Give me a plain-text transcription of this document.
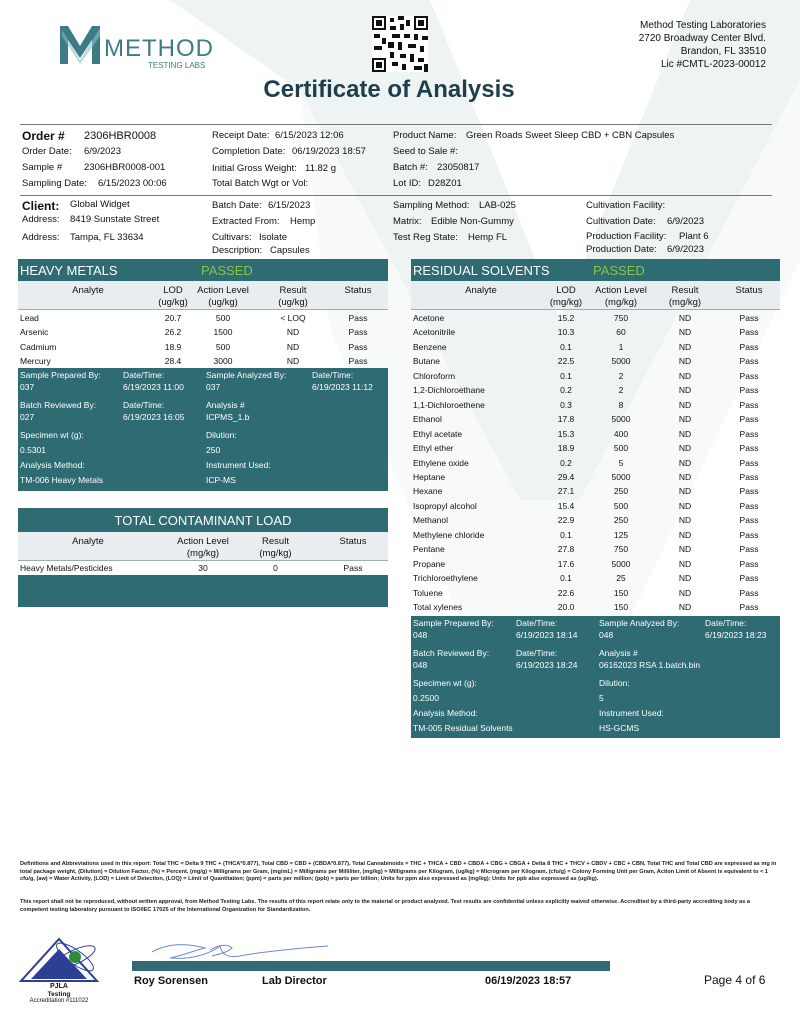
METHOD
TESTING LABS
Method Testing Laboratories
2720 Broadway Center Blvd.
Brandon, FL 33510
Lic #CMTL-2023-00012
Certificate of Analysis
Order # 2306HBR0008
Order Date: 6/9/2023
Sample # 2306HBR0008-001
Sampling Date: 6/15/2023 00:06
Receipt Date: 6/15/2023 12:06
Completion Date: 06/19/2023 18:57
Initial Gross Weight: 11.82 g
Total Batch Wgt or Vol:
Product Name: Green Roads Sweet Sleep CBD + CBN Capsules
Seed to Sale #:
Batch #: 23050817
Lot ID: D28Z01
Client: Global Widget
Address: 8419 Sunstate Street
Address: Tampa, FL 33634
Batch Date: 6/15/2023
Extracted From: Hemp
Cultivars: Isolate
Description: Capsules
Sampling Method: LAB-025
Matrix: Edible Non-Gummy
Test Reg State: Hemp FL
Cultivation Facility:
Cultivation Date: 6/9/2023
Production Facility: Plant 6
Production Date: 6/9/2023
HEAVY METALS	PASSED
Analyte	LOD
(ug/kg)
Action Level
(ug/kg)
Result
(ug/kg)
Status
Lead	20.7	500	< LOQ	Pass
Arsenic	26.2	1500	ND	Pass
Cadmium	18.9	500	ND	Pass
Mercury	28.4	3000	ND	Pass
Sample Prepared By:	Date/Time:	Sample Analyzed By:	Date/Time:
037	6/19/2023 11:00	037	6/19/2023 11:12
Batch Reviewed By:	Date/Time:	Analysis #
027	6/19/2023 16:05	ICPMS_1.b
Specimen wt (g):	Dilution:
0.5301	250
Analysis Method:	Instrument Used:
TM-006 Heavy Metals	ICP-MS
TOTAL CONTAMINANT LOAD
Analyte	Action Level
(mg/kg)
Result
(mg/kg)
Status
Heavy Metals/Pesticides	30	0	Pass
RESIDUAL SOLVENTS	PASSED
Analyte	LOD
(mg/kg)
Action Level
(mg/kg)
Result
(mg/kg)
Status
Acetone	15.2	750	ND	Pass
Acetonitrile	10.3	60	ND	Pass
Benzene	0.1	1	ND	Pass
Butane	22.5	5000	ND	Pass
Chloroform	0.1	2	ND	Pass
1,2-Dichloroethane	0.2	2	ND	Pass
1,1-Dichloroethene	0.3	8	ND	Pass
Ethanol	17.8	5000	ND	Pass
Ethyl acetate	15.3	400	ND	Pass
Ethyl ether	18.9	500	ND	Pass
Ethylene oxide	0.2	5	ND	Pass
Heptane	29.4	5000	ND	Pass
Hexane	27.1	250	ND	Pass
Isopropyl alcohol	15.4	500	ND	Pass
Methanol	22.9	250	ND	Pass
Methylene chloride	0.1	125	ND	Pass
Pentane	27.8	750	ND	Pass
Propane	17.6	5000	ND	Pass
Trichloroethylene	0.1	25	ND	Pass
Toluene	22.6	150	ND	Pass
Total xylenes	20.0	150	ND	Pass
Sample Prepared By:	Date/Time:	Sample Analyzed By:	Date/Time:
048	6/19/2023 18:14	048	6/19/2023 18:23
Batch Reviewed By:	Date/Time:	Analysis #
048	6/19/2023 18:24	06162023 RSA 1.batch.bin
Specimen wt (g):	Dilution:
0.2500	5
Analysis Method:	Instrument Used:
TM-005 Residual Solvents	HS-GCMS
Definitions and Abbreviations used in this report: Total THC = Delta 9 THC + (THCA*0.877), Total CBD = CBD + (CBDA*0.877), Total Cannabinoids = THC + THCA + CBD + CBDA + CBG + CBGA + Delta 8 THC + THCV + CBDV + CBC + CBN, Total THC and Total CBD are expressed as mg in total package weight, (Dilution) = Dilution Factor, (%) = Percent, (mg/g) = Milligrams per Gram, (mg/mL) = Milligrams per Milliliter, (mg/kg) = Milligrams per Kilogram, (ug/kg) = Microgram per Kilogram, (cfu/g) = Colony Forming Unit per Gram, Action Limit of Absent is equivalent to < 1 cfu/g, (aw) = Water Activity, (LOD) = Limit of Detection, (LOQ) = Limit of Quantitation; (ppm) = parts per million; (ppb) = parts per billion; Units for ppm also expressed as (mg/kg); Units for ppb also expressed as (ug/kg).
This report shall not be reproduced, without written approval, from Method Testing Labs. The results of this report relate only to the material or product analyzed. Test results are confidential unless explicitly waived otherwise. Accredited by a third-party accrediting body as a competent testing laboratory pursuant to ISO/IEC 17025 of the International Organization for Standardization.
PJLA
Testing
Accreditation #111022
Roy Sorensen	Lab Director	06/19/2023 18:57	Page 4 of 6
